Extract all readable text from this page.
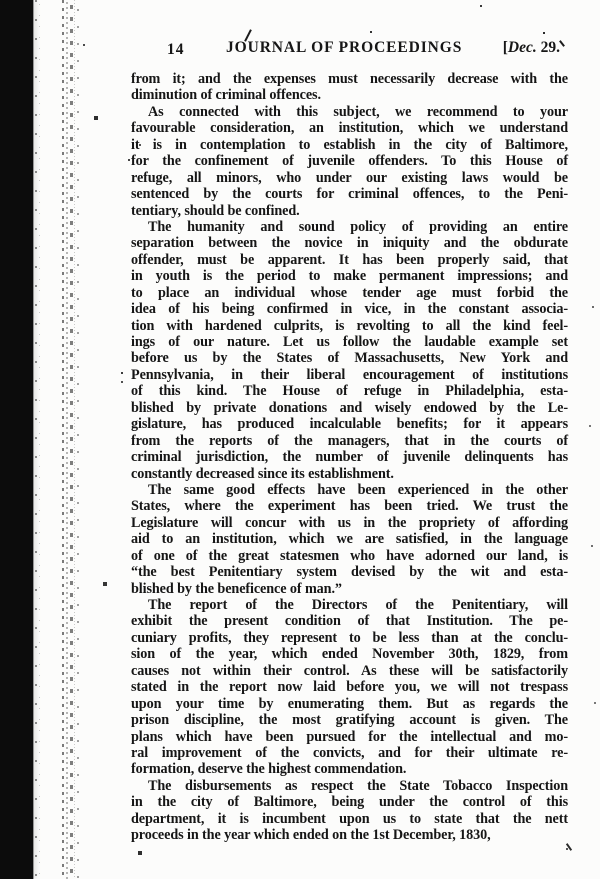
14	JOURNAL OF PROCEEDINGS	[Dec. 29.
from it; and the expenses must necessarily decrease with the
diminution of criminal offences.
As connected with this subject, we recommend to your
favourable consideration, an institution, which we understand
it is in contemplation to establish in the city of Baltimore,
for the confinement of juvenile offenders. To this House of
refuge, all minors, who under our existing laws would be
sentenced by the courts for criminal offences, to the Peni-
tentiary, should be confined.
The humanity and sound policy of providing an entire
separation between the novice in iniquity and the obdurate
offender, must be apparent. It has been properly said, that
in youth is the period to make permanent impressions; and
to place an individual whose tender age must forbid the
idea of his being confirmed in vice, in the constant associa-
tion with hardened culprits, is revolting to all the kind feel-
ings of our nature. Let us follow the laudable example set
before us by the States of Massachusetts, New York and
Pennsylvania, in their liberal encouragement of institutions
of this kind. The House of refuge in Philadelphia, esta-
blished by private donations and wisely endowed by the Le-
gislature, has produced incalculable benefits; for it appears
from the reports of the managers, that in the courts of
criminal jurisdiction, the number of juvenile delinquents has
constantly decreased since its establishment.
The same good effects have been experienced in the other
States, where the experiment has been tried. We trust the
Legislature will concur with us in the propriety of affording
aid to an institution, which we are satisfied, in the language
of one of the great statesmen who have adorned our land, is
“the best Penitentiary system devised by the wit and esta-
blished by the beneficence of man.”
The report of the Directors of the Penitentiary, will
exhibit the present condition of that Institution. The pe-
cuniary profits, they represent to be less than at the conclu-
sion of the year, which ended November 30th, 1829, from
causes not within their control. As these will be satisfactorily
stated in the report now laid before you, we will not trespass
upon your time by enumerating them. But as regards the
prison discipline, the most gratifying account is given. The
plans which have been pursued for the intellectual and mo-
ral improvement of the convicts, and for their ultimate re-
formation, deserve the highest commendation.
The disbursements as respect the State Tobacco Inspection
in the city of Baltimore, being under the control of this
department, it is incumbent upon us to state that the nett
proceeds in the year which ended on the 1st December, 1830,
